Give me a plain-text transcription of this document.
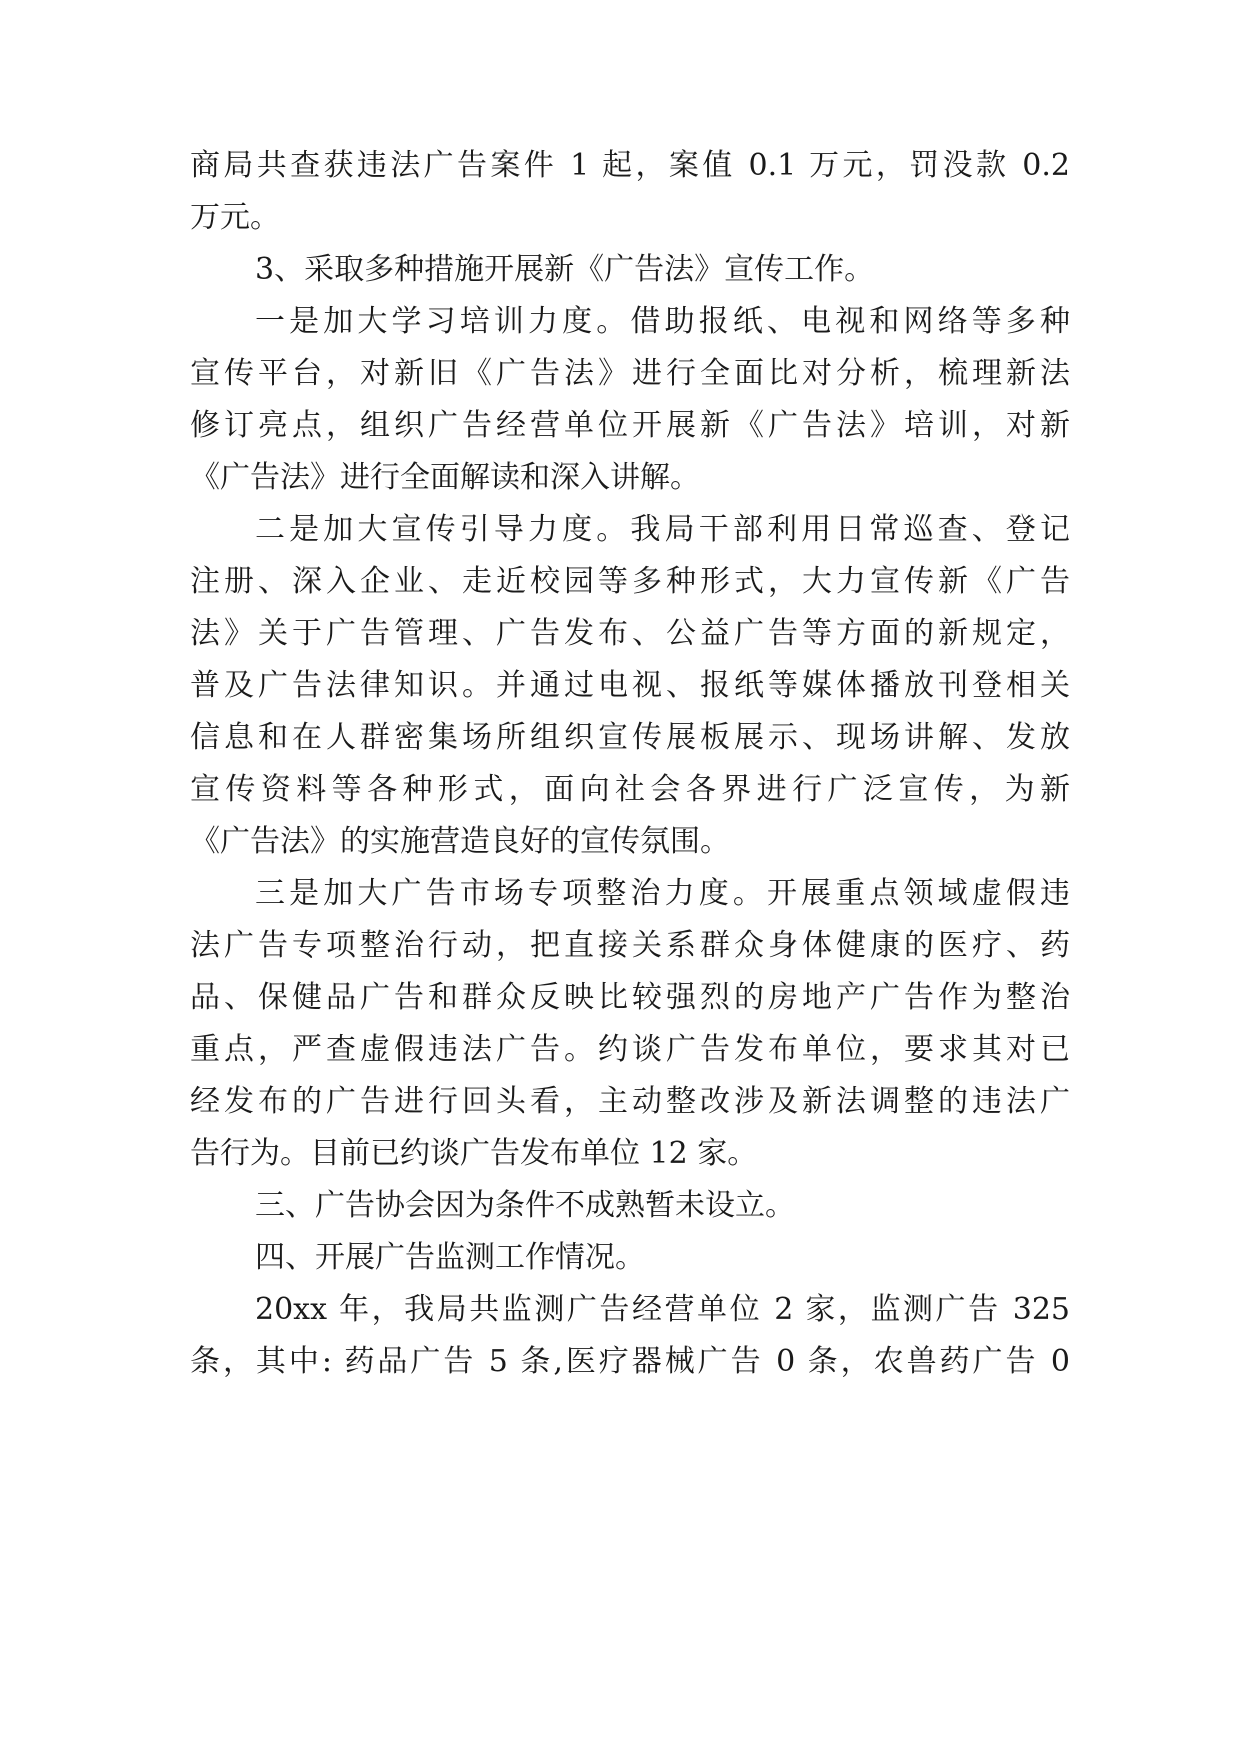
商局共查获违法广告案件 1 起，案值 0.1 万元，罚没款 0.2
万元。
3、采取多种措施开展新《广告法》宣传工作。
一是加大学习培训力度。借助报纸、电视和网络等多种
宣传平台，对新旧《广告法》进行全面比对分析，梳理新法
修订亮点，组织广告经营单位开展新《广告法》培训，对新
《广告法》进行全面解读和深入讲解。
二是加大宣传引导力度。我局干部利用日常巡查、登记
注册、深入企业、走近校园等多种形式，大力宣传新《广告
法》关于广告管理、广告发布、公益广告等方面的新规定，
普及广告法律知识。并通过电视、报纸等媒体播放刊登相关
信息和在人群密集场所组织宣传展板展示、现场讲解、发放
宣传资料等各种形式，面向社会各界进行广泛宣传，为新
《广告法》的实施营造良好的宣传氛围。
三是加大广告市场专项整治力度。开展重点领域虚假违
法广告专项整治行动，把直接关系群众身体健康的医疗、药
品、保健品广告和群众反映比较强烈的房地产广告作为整治
重点，严查虚假违法广告。约谈广告发布单位，要求其对已
经发布的广告进行回头看，主动整改涉及新法调整的违法广
告行为。目前已约谈广告发布单位 12 家。
三、广告协会因为条件不成熟暂未设立。
四、开展广告监测工作情况。
20xx 年，我局共监测广告经营单位 2 家，监测广告 325
条，其中: 药品广告 5 条,医疗器械广告 0 条，农兽药广告 0
